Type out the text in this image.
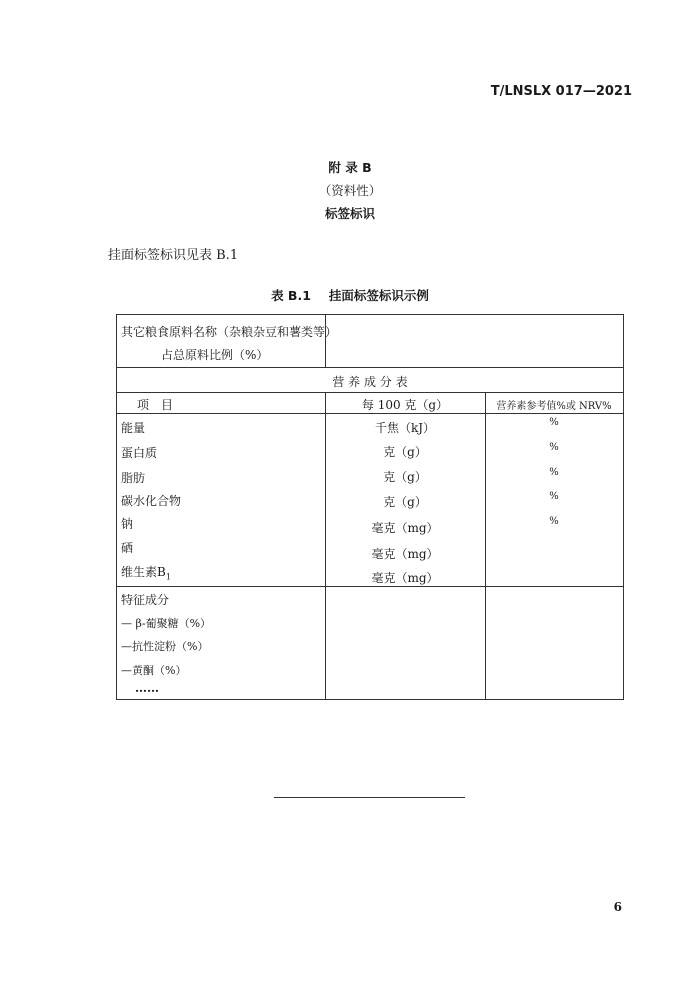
T/LNSLX 017—2021
附 录 B
（资料性）
标签标识
挂面标签标识见表 B.1
表 B.1 挂面标签标识示例
其它粮食原料名称（杂粮杂豆和薯类等）
占总原料比例（%）
营 养 成 分 表
项　目	每 100 克（g）	营养素参考值%或 NRV%
能量
蛋白质
脂肪
碳水化合物
钠
硒
维生素$B_1$
千焦（kJ）
克（g）
克（g）
克（g）
毫克（mg）
毫克（mg）
毫克（mg）
%
%
%
%
%
特征成分
— β-葡聚糖（%）
—抗性淀粉（%）
—黄酮（%）
……
6
